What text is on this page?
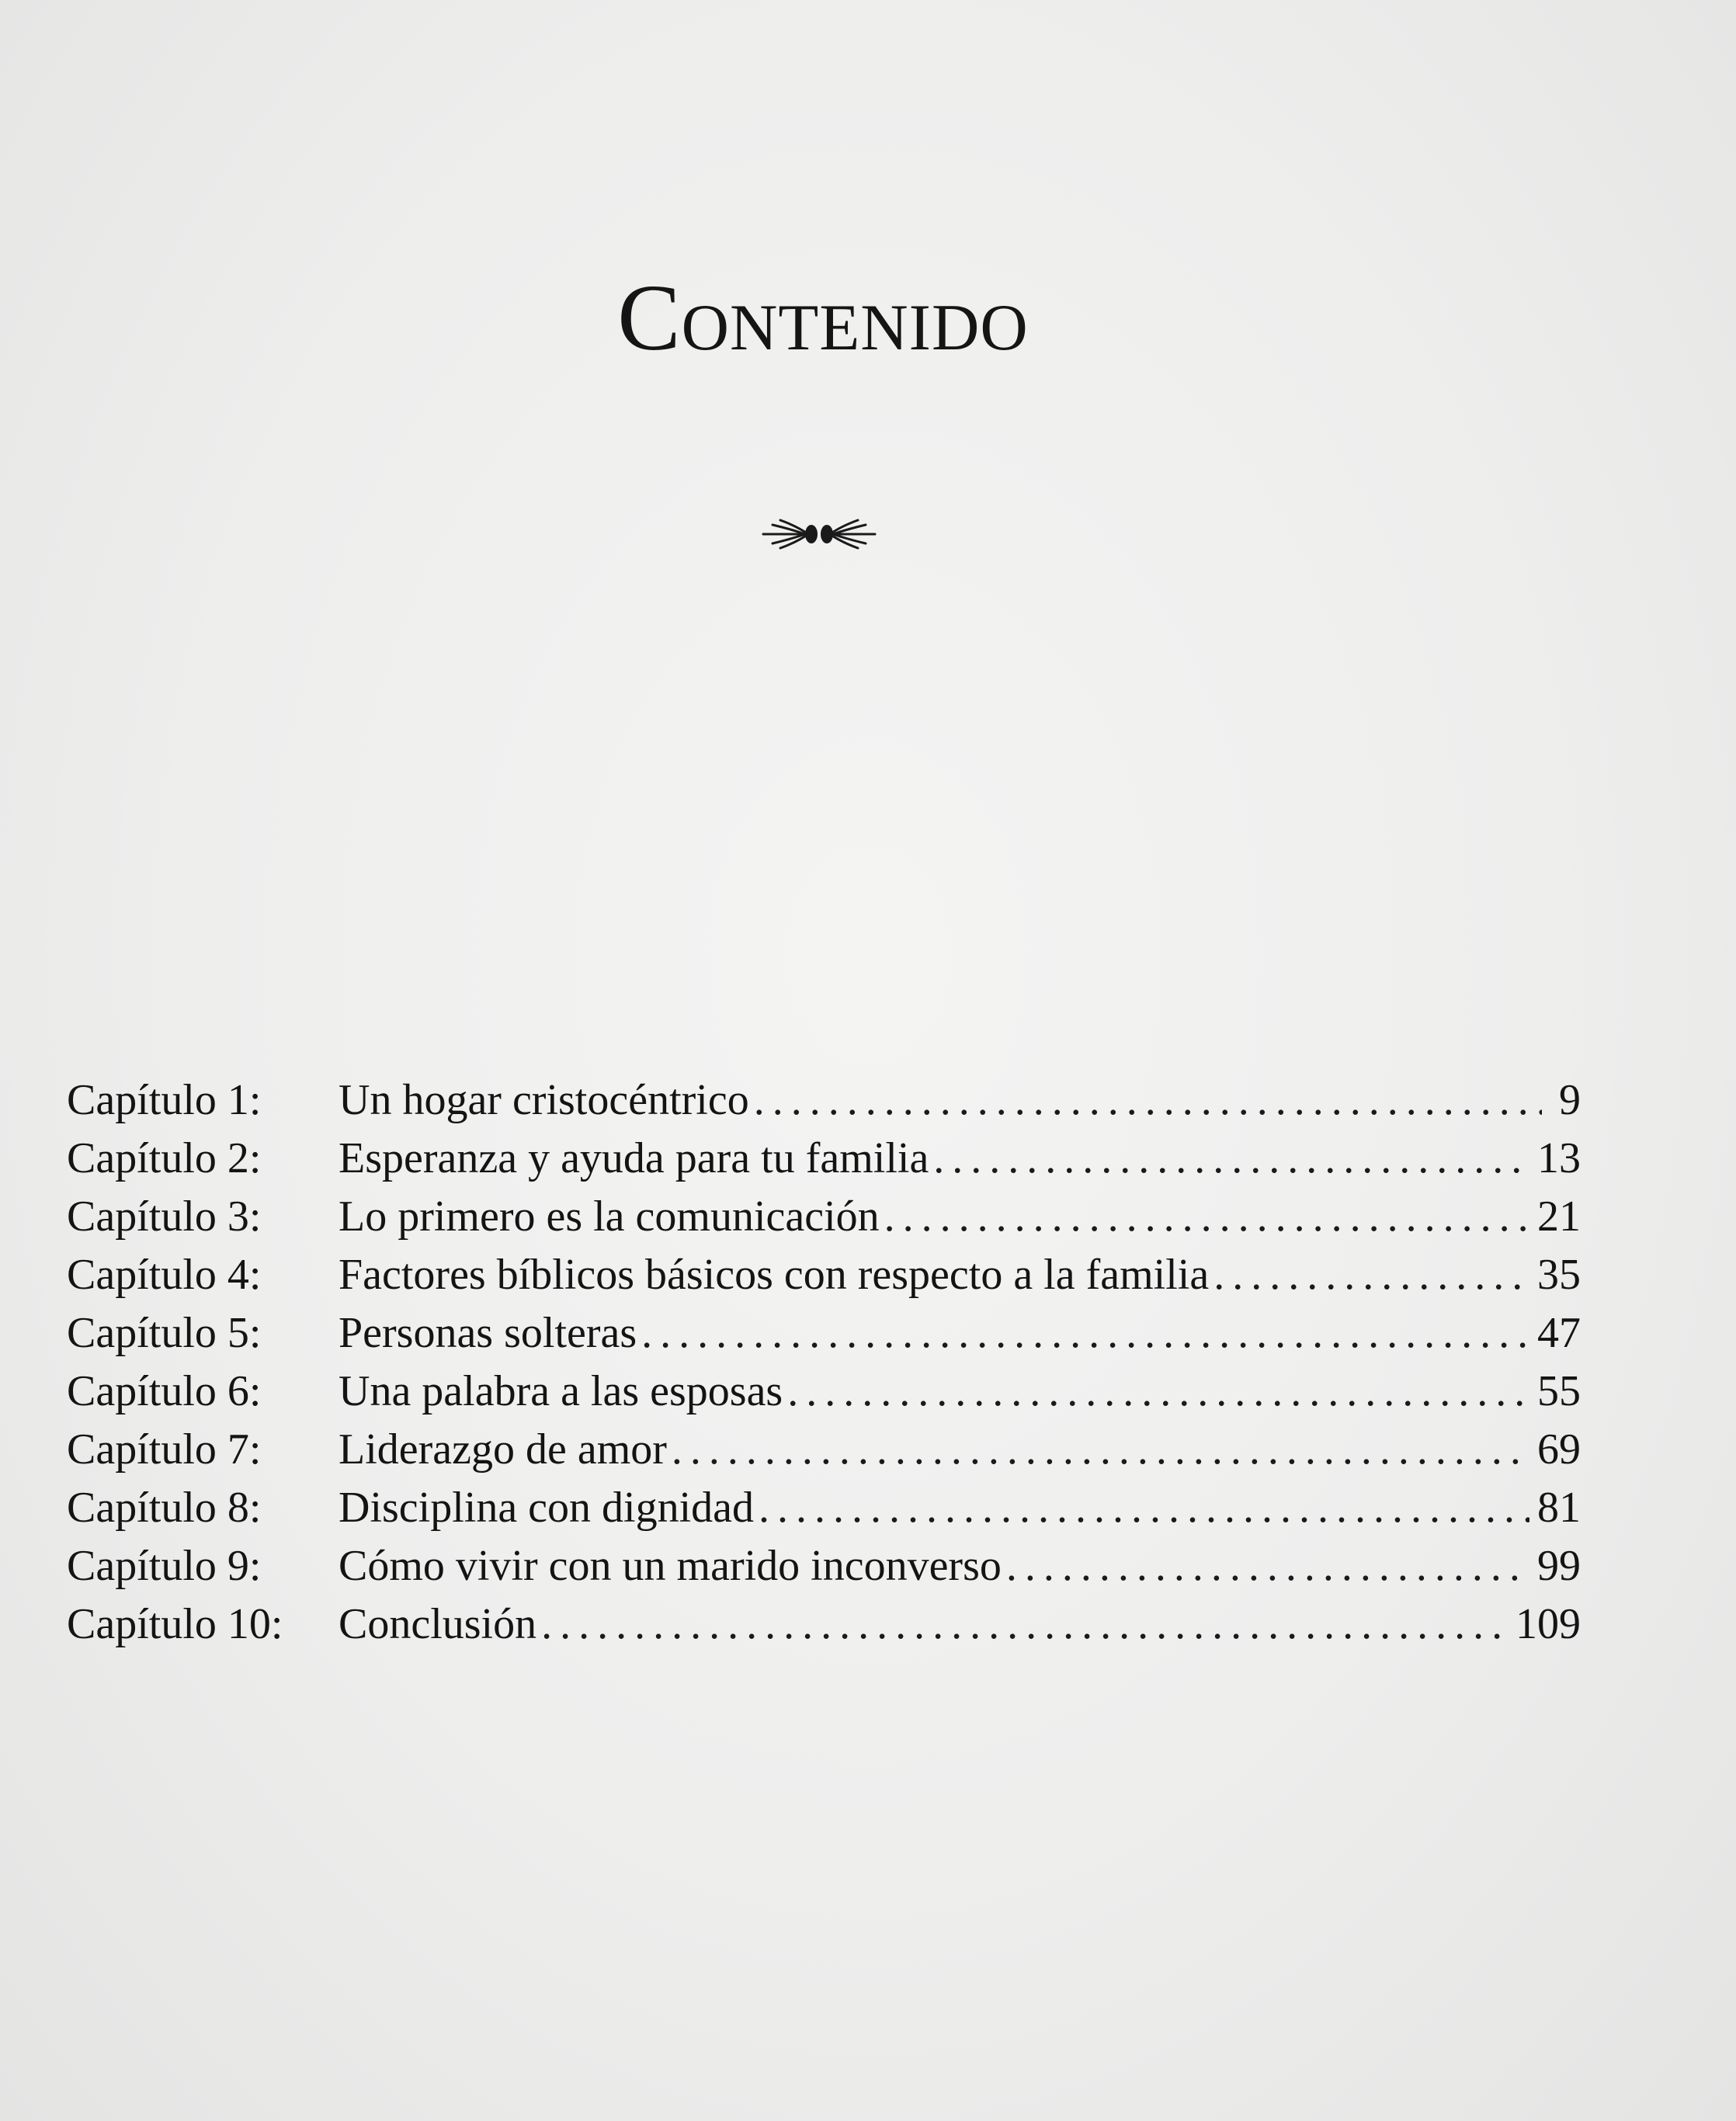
Contenido
Capítulo 1:	Un hogar cristocéntrico . . .	9
Capítulo 2:	Esperanza y ayuda para tu familia . . .	13
Capítulo 3:	Lo primero es la comunicación . . .	21
Capítulo 4:	Factores bíblicos básicos con respecto a la familia . . .	35
Capítulo 5:	Personas solteras . . .	47
Capítulo 6:	Una palabra a las esposas . . .	55
Capítulo 7:	Liderazgo de amor . . .	69
Capítulo 8:	Disciplina con dignidad . . .	81
Capítulo 9:	Cómo vivir con un marido inconverso . . .	99
Capítulo 10:	Conclusión . . .	109
